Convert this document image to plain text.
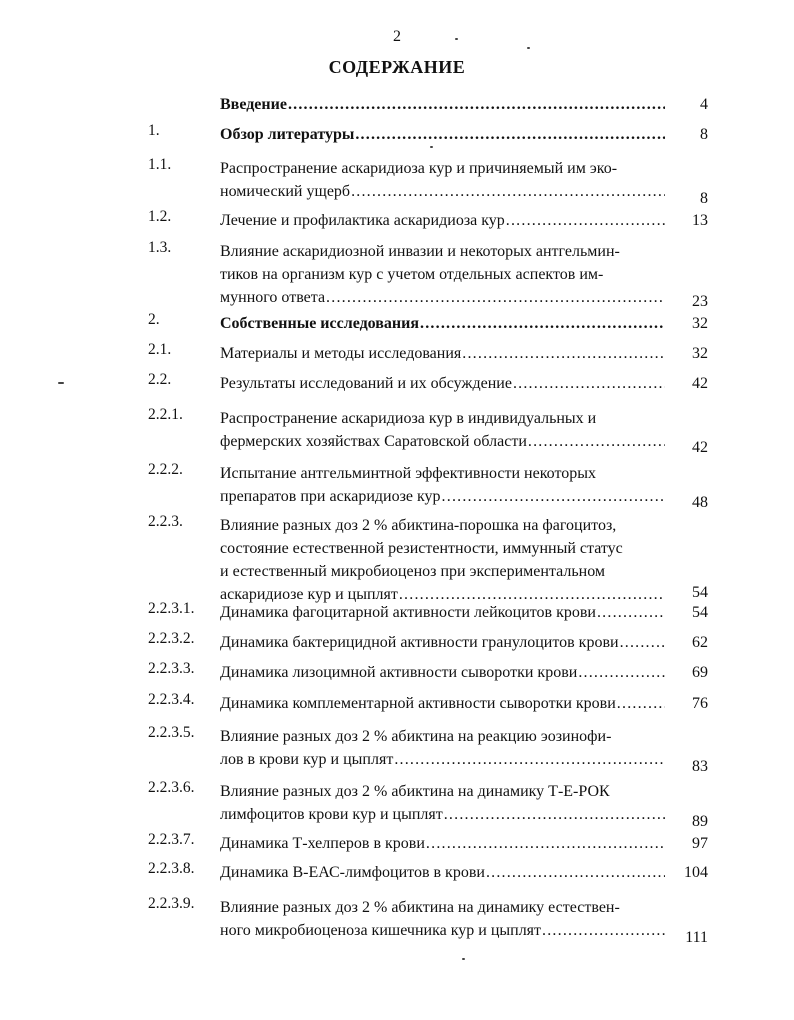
2
СОДЕРЖАНИЕ
Введение .....	4
1.	Обзор литературы .....	8
1.1.	Распространение аскаридиоза кур и причиняемый им эко-
номический ущерб .....	8
1.2.	Лечение и профилактика аскаридиоза кур .....	13
1.3.	Влияние аскаридиозной инвазии и некоторых антгельмин-
тиков на организм кур с учетом отдельных аспектов им-
мунного ответа .....	23
2.	Собственные исследования .....	32
2.1.	Материалы и методы исследования .....	32
2.2.	Результаты исследований и их обсуждение .....	42
2.2.1. Распространение аскаридиоза кур в индивидуальных и
фермерских хозяйствах Саратовской области .....	42
2.2.2. Испытание антгельминтной эффективности некоторых
препаратов при аскаридиозе кур .....	48
2.2.3. Влияние разных доз 2 % абиктина-порошка на фагоцитоз,
состояние естественной резистентности, иммунный статус
и естественный микробиоценоз при экспериментальном
аскаридиозе кур и цыплят .....	54
2.2.3.1. Динамика фагоцитарной активности лейкоцитов крови .....	54
2.2.3.2. Динамика бактерицидной активности гранулоцитов крови .....	62
2.2.3.3. Динамика лизоцимной активности сыворотки крови .....	69
2.2.3.4. Динамика комплементарной активности сыворотки крови .....	76
2.2.3.5. Влияние разных доз 2 % абиктина на реакцию эозинофи-
лов в крови кур и цыплят .....	83
2.2.3.6. Влияние разных доз 2 % абиктина на динамику Т-Е-РОК
лимфоцитов крови кур и цыплят .....	89
2.2.3.7. Динамика Т-хелперов в крови .....	97
2.2.3.8. Динамика В-ЕАС-лимфоцитов в крови .....	104
2.2.3.9. Влияние разных доз 2 % абиктина на динамику естествен-
ного микробиоценоза кишечника кур и цыплят .....	111
